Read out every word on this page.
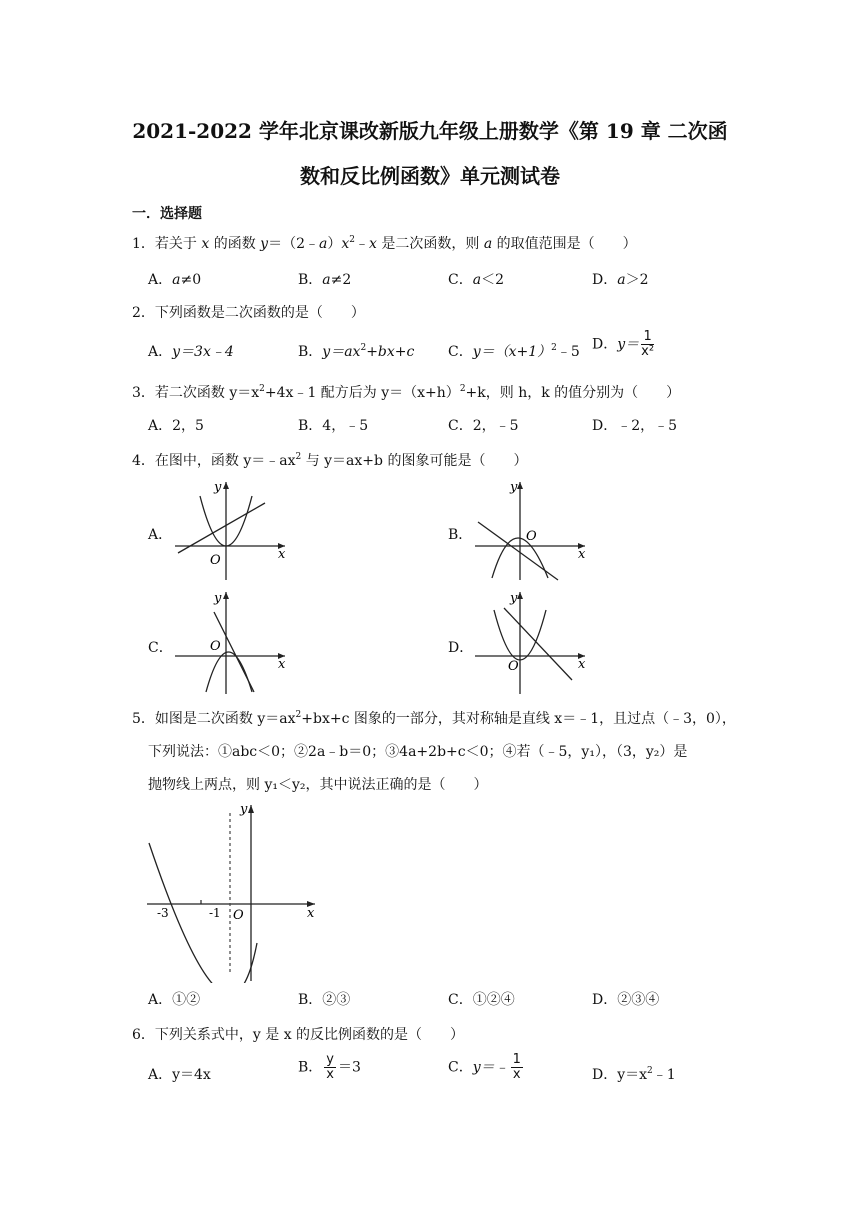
2021-2022 学年北京课改新版九年级上册数学《第 19 章 二次函
数和反比例函数》单元测试卷
一．选择题
1．若关于 x 的函数 $y=(2﹣a)x^2﹣x$ 是二次函数，则 a 的取值范围是（　　）
A．a≠0	B．a≠2	C．a＜2	D．a＞2
2．下列函数是二次函数的是（　　）
A．y＝3x﹣4	B．$y=ax^2+bx+c$ C．$y=(x+1)^2﹣5$ D．$y= \frac{1}{\text{x²}}$
3．若二次函数 $y=x^2+4x﹣1$ 配方后为 $y=(x+h)^2+k$，则 h，k 的值分别为（　　）
A．2，5	B．4，﹣5	C．2，﹣5	D．﹣2，﹣5
4．在图中，函数 $y=﹣ax^2$ 与 y＝ax+b 的图象可能是（　　）
A．
y
x
O
B．
y
x
O
C．
y
x
O	D．
y
x
O
5．如图是二次函数 $y=ax^2+bx+c$ 图象的一部分，其对称轴是直线 x＝﹣1，且过点（﹣3，0），
下列说法：①abc＜0；②2a﹣b＝0；③4a+2b+c＜0；④若（﹣5，y₁），（3，y₂）是
抛物线上两点，则 y₁＜y₂，其中说法正确的是（　　）
y
x
O
-3	-1
A．①②	B．②③	C．①②④	D．②③④
6．下列关系式中，y 是 x 的反比例函数的是（　　）
A．y＝4x	B． $\frac{y}{x} =3$	C．y＝﹣ $\frac{1}{x}$	D．$y=x^2﹣1$
